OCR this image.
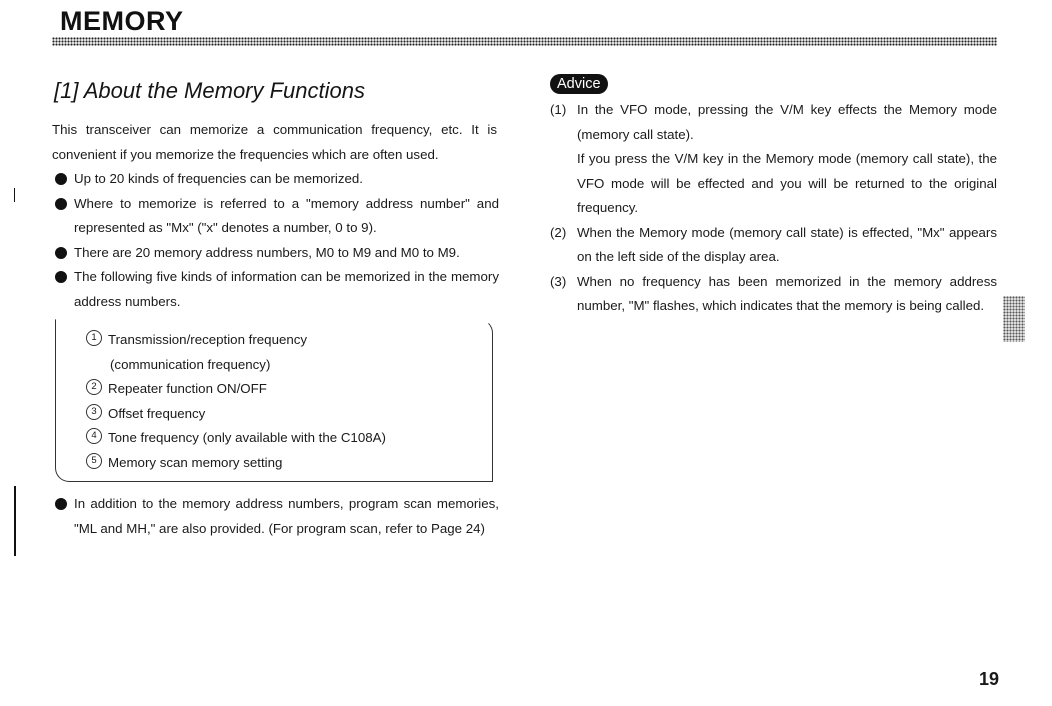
MEMORY
[1] About the Memory Functions

This transceiver can memorize a communication frequency, etc. It is convenient if you memorize the frequencies which are often used.

Up to 20 kinds of frequencies can be memorized.
Where to memorize is referred to a "memory address number" and represented as "Mx" ("x" denotes a number, 0 to 9).
There are 20 memory address numbers, M0 to M9 and M0 to M9.
The following five kinds of information can be memorized in the memory address numbers.
1 Transmission/reception frequency
(communication frequency)
2 Repeater function ON/OFF
3 Offset frequency
4 Tone frequency (only available with the C108A)
5 Memory scan memory setting
In addition to the memory address numbers, program scan memories, "ML and MH," are also provided. (For program scan, refer to Page 24)
Advice
(1) In the VFO mode, pressing the V/M key effects the Memory mode (memory call state).
If you press the V/M key in the Memory mode (memory call state), the VFO mode will be effected and you will be returned to the original frequency.
(2) When the Memory mode (memory call state) is effected, "Mx" appears on the left side of the display area.
(3) When no frequency has been memorized in the memory address number, "M" flashes, which indicates that the memory is being called.
19
